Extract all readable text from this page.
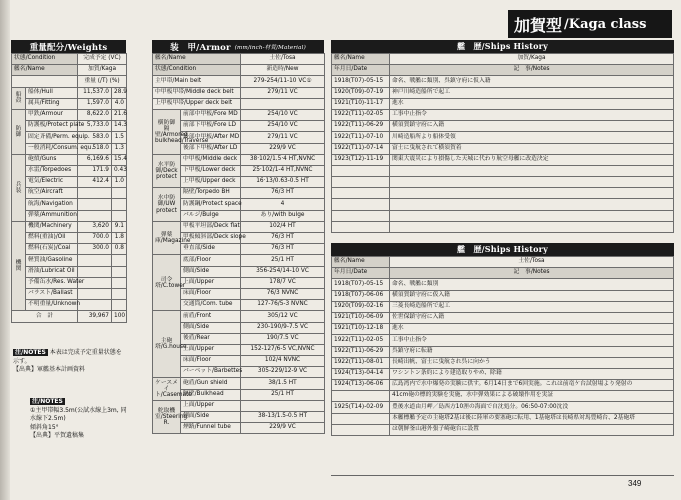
加賀型 /Kaga class
重量配分/Weights
状態/Condition		完成予定 (VC)	
艦名/Name		加賀/Kaga	
		重量 (/T) (%)	
船殻	船体/Hull	11,537.0	28.9
	属具/Fitting	1,597.0	4.0
防御	甲鉄/Armour	8,622.0	21.6
	防護板/Protect plate	5,733.0	14.3
	固定斉備/Perm. equip.	583.0	1.5
	一般消耗/Consum. equ.	518.0	1.3
兵装	砲熕/Guns	6,169.6	15.4
	水雷/Torpedoes	171.9	0.43
	電気/Electric	412.4	1.0
	航空/Aircraft		
	航海/Navigation		
	弾薬/Ammunition		
機関	機関/Machinery	3,620	9.1
	燃料(重油)/Oil	700.0	1.8
	燃料(石炭)/Coal	300.0	0.8
	軽質油/Gasoline		
	滑油/Lubricat Oil		
	予備缶水/Res. Water		
	バラスト/Ballast		
	不明重量/Unknown		
合　計		39,967	100
注/NOTES 本表は完成予定重量状態を示す。
【出典】軍艦基本計画資料
注/NOTES
①主甲帯幅3.5m(公試水線上3m, 同水線下2.5m)
傾斜角15°
【出典】平賀遺稿集
装　甲/Armor (mm/inch-材質/Material)
艦名/Name		土佐/Tosa
状態/Condition		新造時/New
主甲帯/Main belt		279-254/11-10 VC①
中甲板甲帯/Middle deck belt		279/11 VC
上甲板甲帯/Upper deck belt		
横防御隔壁/Armored bulkhead/Traverse	前部中甲板/Fore MD	254/10 VC
	前部下甲板/Fore LD	254/10 VC
	後部中甲板/After MD	279/11 VC
	後部下甲板/After LD	229/9 VC
水平防御/Deck protect	中甲板/Middle deck	38·102/1.5·4 HT,NVNC
	下甲板/Lower deck	25·102/1-4 HT,NVNC
	上甲板/Upper deck	16·13/0.63-0.5 HT
水中防御/UW protect	隔壁/Torpedo BH	76/3 HT
	防護鋼/Protect space	4
	バルジ/Bulge	あり/with bulge
弾薬庫/Magazine	甲板平坦部/Deck flat	102/4 HT
	甲板傾斜部/Deck slope	76/3 HT
	垂直部/Side	76/3 HT
司令塔/C.tower	底部/Floor	25/1 HT
	側面/Side	356-254/14-10 VC
	上面/Upper	178/7 VC
	床面/Floor	76/3 NVNC
	交通筒/Com. tube	127-76/5-3 NVNC
主砲塔/G.house	前盾/Front	305/12 VC
	側面/Side	230-190/9-7.5 VC
	後盾/Rear	190/7.5 VC
	上面/Upper	152-127/6-5 VC,NVNC
	床面/Floor	102/4 NVNC
	バーベット/Barbettes	305-229/12-9 VC
ケースメイト/Casemate	砲盾/Gun shield	38/1.5 HT
	隔壁/Bulkhead	25/1 HT
舵取機室/Steering R.	上面/Upper	
	側面/Side	38-13/1.5-0.5 HT
	煙路/Funnel tube	229/9 VC
艦　歴/Ships History
艦名/Name	加賀/Kaga
年月日/Date	記　事/Notes
1918(T07)-05-15	命名、戦艦に類別、呉鎮守府に仮入籍
1920(T09)-07-19	神戸川崎造船所で起工
1921(T10)-11-17	進水
1922(T11)-02-05	工事中止指令
1922(T11)-06-29	横須賀鎮守府に入籍
1922(T11)-07-10	川崎造船所より船体受領
1922(T11)-07-14	富士に曳航されて横須賀着
1923(T12)-11-19	関東大震災により損傷した天城に代わり航空母艦に改造決定

艦　歴/Ships History
艦名/Name	土佐/Tosa
年月日/Date	記　事/Notes
1918(T07)-05-15	命名、戦艦に類別
1918(T07)-06-06	横須賀鎮守府に仮入籍
1920(T09)-02-16	三菱長崎造船所で起工
1921(T10)-06-09	佐世保鎮守府に入籍
1921(T10)-12-18	進水
1922(T11)-02-05	工事中止指令
1922(T11)-06-29	呉鎮守府に転籍
1922(T11)-08-01	長崎出帆、富士に曳航され呉に向かう
1924(T13)-04-14	ワシントン条約により建造取りやめ、除籍
1924(T13)-06-06	広島湾内で水中爆発の実験に供す。6月14日まで6回実施。これは前竜ケ台試射場より発射の
	41cm砲の標的実験を実施、水中弾効果による破壊作用を実証
1925(T14)-02-09	豊後水道由月岬／島西方10浬の海面で自沈処分。06:50-07:00沈没
	本艦標艦予定の主砲塔2基は後に陸軍の要塞砲に転用、1基砲塔は長崎県対馬豊崎台、2基砲塔
	は朝鮮釜山港外張子崎砲台に設置
349
